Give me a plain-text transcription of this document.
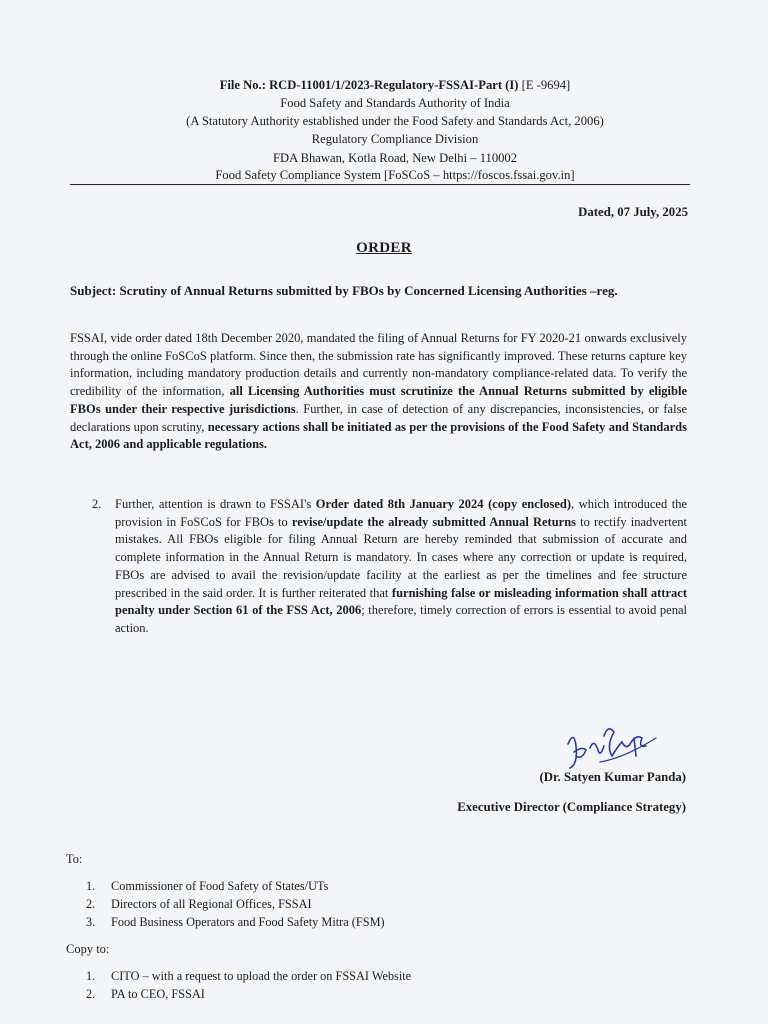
File No.: RCD-11001/1/2023-Regulatory-FSSAI-Part (I) [E -9694]
Food Safety and Standards Authority of India
(A Statutory Authority established under the Food Safety and Standards Act, 2006)
Regulatory Compliance Division
FDA Bhawan, Kotla Road, New Delhi – 110002
Food Safety Compliance System [FoSCoS – https://foscos.fssai.gov.in]
Dated, 07 July, 2025
ORDER
Subject: Scrutiny of Annual Returns submitted by FBOs by Concerned Licensing Authorities –reg.
FSSAI, vide order dated 18th December 2020, mandated the filing of Annual Returns for FY 2020-21 onwards exclusively through the online FoSCoS platform. Since then, the submission rate has significantly improved. These returns capture key information, including mandatory production details and currently non-mandatory compliance-related data. To verify the credibility of the information, all Licensing Authorities must scrutinize the Annual Returns submitted by eligible FBOs under their respective jurisdictions. Further, in case of detection of any discrepancies, inconsistencies, or false declarations upon scrutiny, necessary actions shall be initiated as per the provisions of the Food Safety and Standards Act, 2006 and applicable regulations.
2. Further, attention is drawn to FSSAI's Order dated 8th January 2024 (copy enclosed), which introduced the provision in FoSCoS for FBOs to revise/update the already submitted Annual Returns to rectify inadvertent mistakes. All FBOs eligible for filing Annual Return are hereby reminded that submission of accurate and complete information in the Annual Return is mandatory. In cases where any correction or update is required, FBOs are advised to avail the revision/update facility at the earliest as per the timelines and fee structure prescribed in the said order. It is further reiterated that furnishing false or misleading information shall attract penalty under Section 61 of the FSS Act, 2006; therefore, timely correction of errors is essential to avoid penal action.
(Dr. Satyen Kumar Panda)
Executive Director (Compliance Strategy)
To:
1.	Commissioner of Food Safety of States/UTs
2.	Directors of all Regional Offices, FSSAI
3.	Food Business Operators and Food Safety Mitra (FSM)
Copy to:
1.	CITO – with a request to upload the order on FSSAI Website
2.	PA to CEO, FSSAI
